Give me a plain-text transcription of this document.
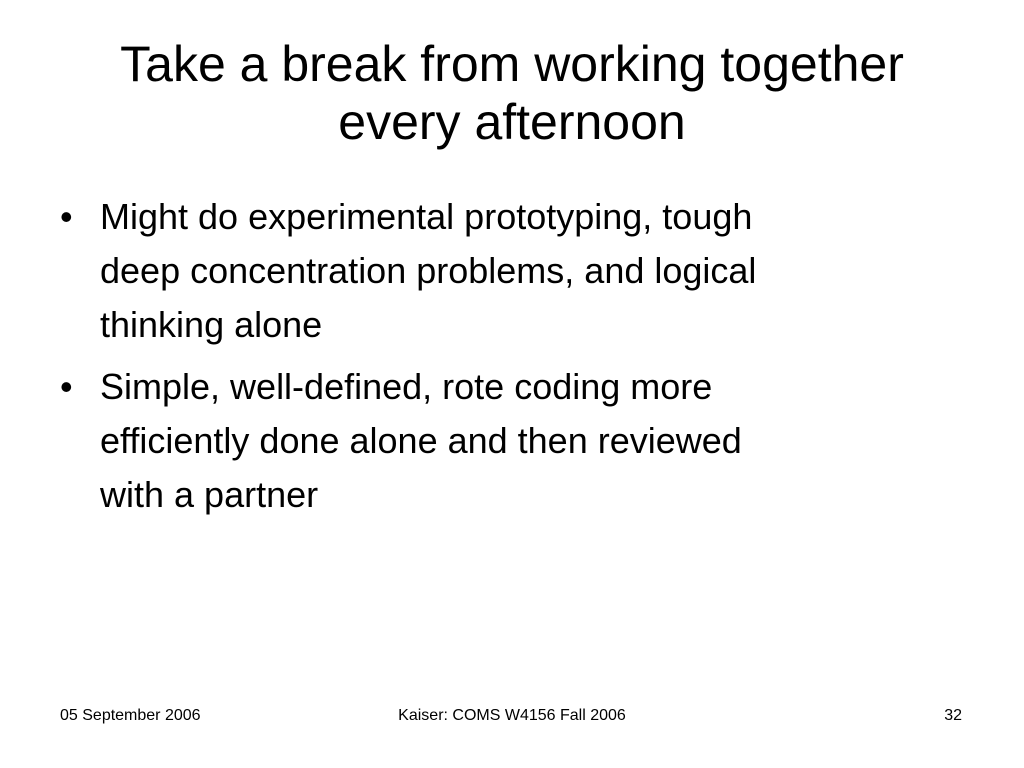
Take a break from working together
every afternoon
• Might do experimental prototyping, tough
deep concentration problems, and logical
thinking alone
• Simple, well-defined, rote coding more
efficiently done alone and then reviewed
with a partner
05 September 2006	Kaiser: COMS W4156 Fall 2006	32
